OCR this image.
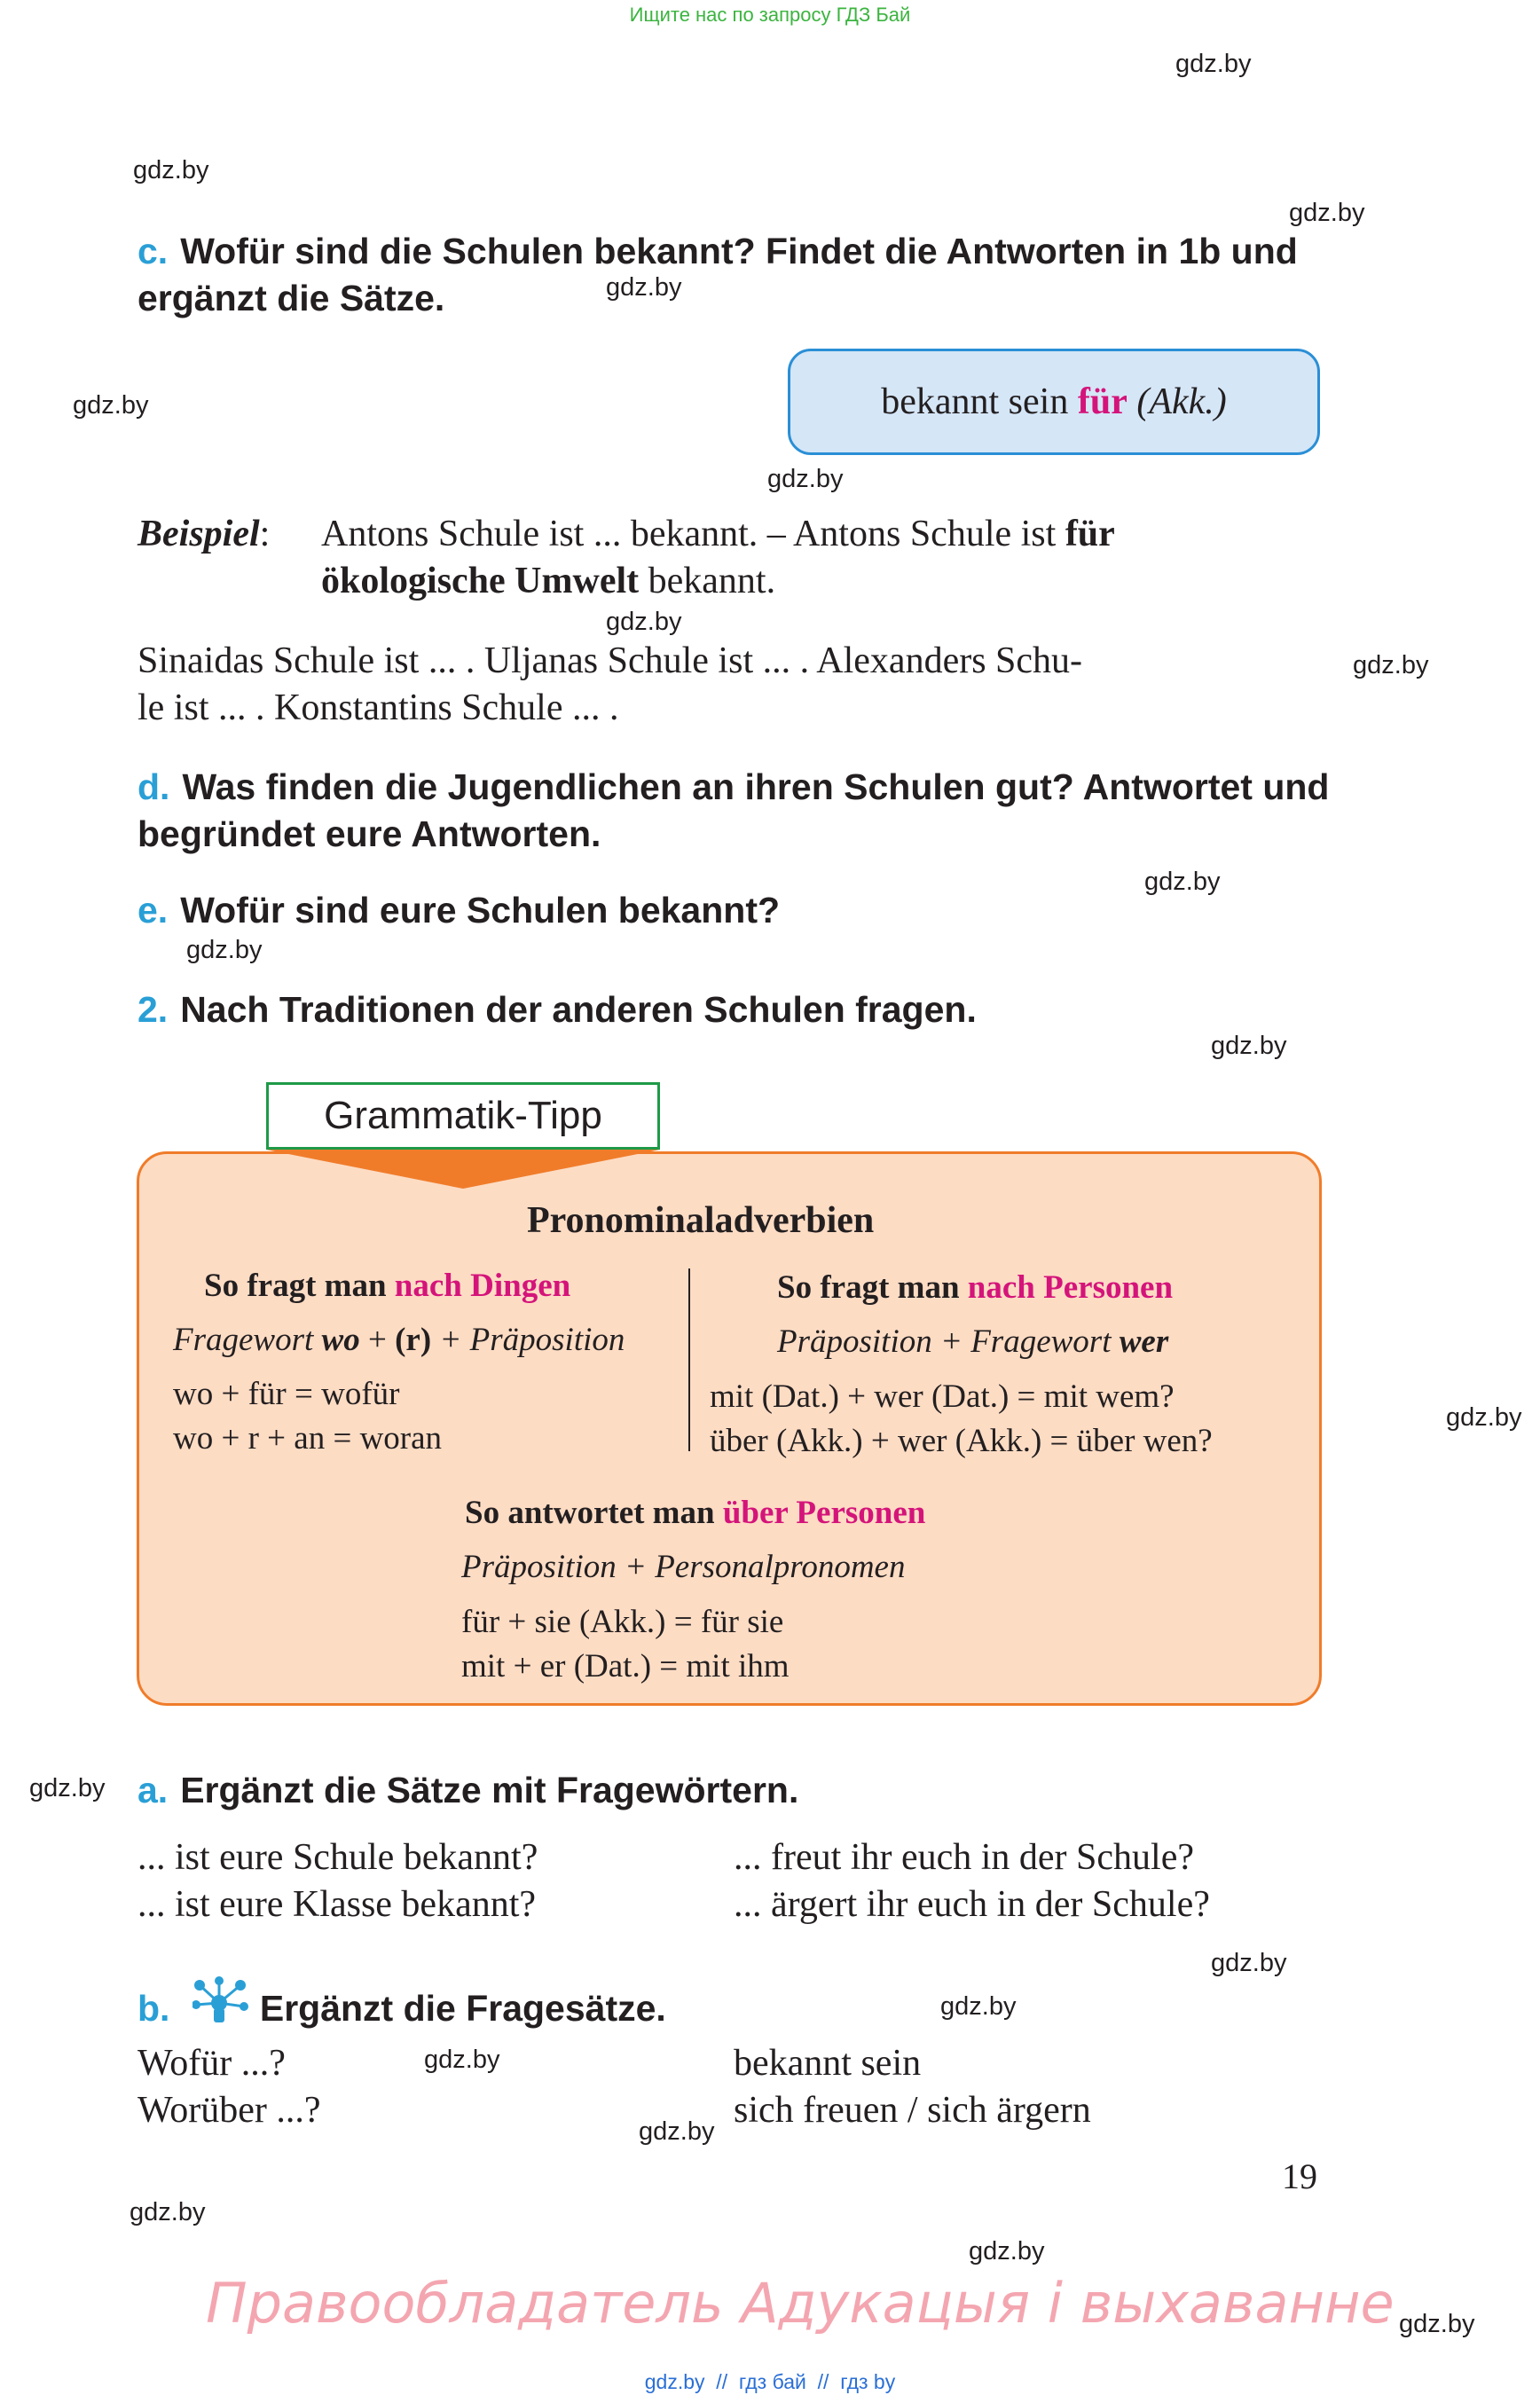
Ищите нас по запросу ГДЗ Бай
gdz.by
gdz.by
gdz.by
gdz.by
gdz.by
gdz.by
gdz.by
gdz.by
gdz.by
gdz.by
gdz.by
gdz.by
gdz.by
gdz.by
gdz.by
gdz.by
gdz.by
gdz.by
gdz.by
gdz.by
c. Wofür sind die Schulen bekannt? Findet die Antworten in 1b und
ergänzt die Sätze.
bekannt sein für
(Akk.)
Beispiel: Antons Schule ist ... bekannt. – Antons Schule ist für
ökologische Umwelt bekannt.
Sinaidas Schule ist ... . Uljanas Schule ist ... . Alexanders Schu-
le ist ... . Konstantins Schule ... .
d. Was finden die Jugendlichen an ihren Schulen gut? Antwortet und
begründet eure Antworten.
e. Wofür sind eure Schulen bekannt?
2. Nach Traditionen der anderen Schulen fragen.
Grammatik-Tipp
Pronominaladverbien
So fragt man nach Dingen
Fragewort wo + (r) + Präposition
wo + für = wofür
wo + r + an = woran
So fragt man nach Personen
Präposition + Fragewort wer
mit (Dat.) + wer (Dat.) = mit wem?
über (Akk.) + wer (Akk.) = über wen?
So antwortet man über Personen
Präposition + Personalpronomen
für + sie (Akk.) = für sie
mit + er (Dat.) = mit ihm
a. Ergänzt die Sätze mit Fragewörtern.
... ist eure Schule bekannt?
... ist eure Klasse bekannt?
... freut ihr euch in der Schule?
... ärgert ihr euch in der Schule?
b. Ergänzt die Fragesätze.
Wofür ...?
Worüber ...?
bekannt sein
sich freuen / sich ärgern
19
Правообладатель Адукацыя і выхаванне
gdz.by  //  гдз бай  //  гдз by
